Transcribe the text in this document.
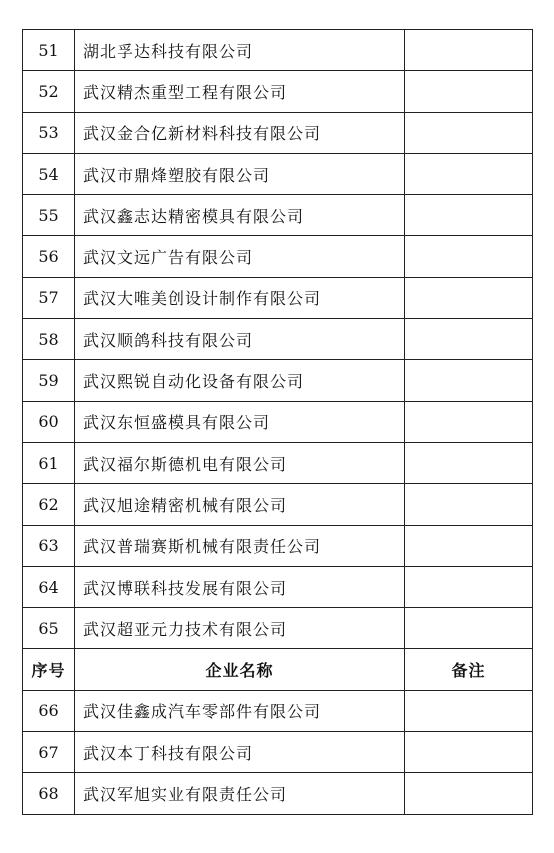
51	湖北孚达科技有限公司	
52	武汉精杰重型工程有限公司	
53	武汉金合亿新材料科技有限公司	
54	武汉市鼎烽塑胶有限公司	
55	武汉鑫志达精密模具有限公司	
56	武汉文远广告有限公司	
57	武汉大唯美创设计制作有限公司	
58	武汉顺鸽科技有限公司	
59	武汉熙锐自动化设备有限公司	
60	武汉东恒盛模具有限公司	
61	武汉福尔斯德机电有限公司	
62	武汉旭途精密机械有限公司	
63	武汉普瑞赛斯机械有限责任公司	
64	武汉博联科技发展有限公司	
65	武汉超亚元力技术有限公司	
序号	企业名称	备注
66	武汉佳鑫成汽车零部件有限公司	
67	武汉本丁科技有限公司	
68	武汉军旭实业有限责任公司	
